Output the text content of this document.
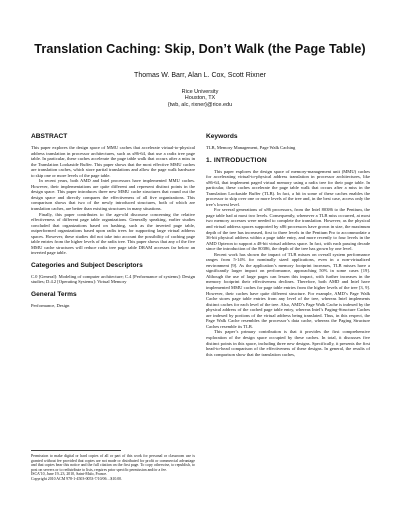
Translation Caching: Skip, Don’t Walk (the Page Table)
Thomas W. Barr, Alan L. Cox, Scott Rixner
Rice University
Houston, TX
{twb, alc, rixner}@rice.edu
ABSTRACT

This paper explores the design space of MMU caches that accelerate virtual-to-physical address translation in processor architectures, such as x86-64, that use a radix tree page table. In particular, these caches accelerate the page table walk that occurs after a miss in the Translation Lookaside Buffer. This paper shows that the most effective MMU caches are translation caches, which store partial translations and allow the page walk hardware to skip one or more levels of the page table.

In recent years, both AMD and Intel processors have implemented MMU caches. However, their implementations are quite different and represent distinct points in the design space. This paper introduces three new MMU cache structures that round out the design space and directly compares the effectiveness of all five organizations. This comparison shows that two of the newly introduced structures, both of which are translation caches, are better than existing structures in many situations.

Finally, this paper contributes to the age-old discourse concerning the relative effectiveness of different page table organizations. Generally speaking, earlier studies concluded that organizations based on hashing, such as the inverted page table, outperformed organizations based upon radix trees for supporting large virtual address spaces. However, these studies did not take into account the possibility of caching page table entries from the higher levels of the radix tree. This paper shows that any of the five MMU cache structures will reduce radix tree page table DRAM accesses far below an inverted page table.

Categories and Subject Descriptors

C.0 [General]: Modeling of computer architecture; C.4 [Performance of systems]: Design studies; D.4.2 [Operating Systems]: Virtual Memory

General Terms

Performance, Design

Permission to make digital or hard copies of all or part of this work for personal or classroom use is granted without fee provided that copies are not made or distributed for profit or commercial advantage and that copies bear this notice and the full citation on the first page. To copy otherwise, to republish, to post on servers or to redistribute to lists, requires prior specific permission and/or a fee.
ISCA’10, June 19–23, 2010, Saint-Malo, France.
Copyright 2010 ACM 978-1-4503-0053-7/10/06 ...$10.00.
Keywords

TLB, Memory Management, Page Walk Caching

1. INTRODUCTION

This paper explores the design space of memory-management unit (MMU) caches for accelerating virtual-to-physical address translation in processor architectures, like x86-64, that implement paged virtual memory using a radix tree for their page table. In particular, these caches accelerate the page table walk that occurs after a miss in the Translation Lookaside Buffer (TLB). In fact, a hit in some of these caches enables the processor to skip over one or more levels of the tree and, in the best case, access only the tree’s lowest level.

For several generations of x86 processors, from the Intel 80386 to the Pentium, the page table had at most two levels. Consequently, whenever a TLB miss occurred, at most two memory accesses were needed to complete the translation. However, as the physical and virtual address spaces supported by x86 processors have grown in size, the maximum depth of the tree has increased, first to three levels in the Pentium Pro to accommodate a 36-bit physical address within a page table entry, and more recently to four levels in the AMD Opteron to support a 48-bit virtual address space. In fact, with each passing decade since the introduction of the 80386, the depth of the tree has grown by one level.

Recent work has shown the impact of TLB misses on overall system performance ranges from 5-14% for nominally sized applications, even in a non-virtualized environment [9]. As the application’s memory footprint increases, TLB misses have a significantly larger impact on performance, approaching 50% in some cases [19]. Although the use of large pages can lessen this impact, with further increases in the memory footprint their effectiveness declines. Therefore, both AMD and Intel have implemented MMU caches for page table entries from the higher levels of the tree [3, 9]. However, their caches have quite different structure. For example, AMD’s Page Walk Cache stores page table entries from any level of the tree, whereas Intel implements distinct caches for each level of the tree. Also, AMD’s Page Walk Cache is indexed by the physical address of the cached page table entry, whereas Intel’s Paging-Structure Caches are indexed by portions of the virtual address being translated. Thus, in this respect, the Page Walk Cache resembles the processor’s data cache, whereas the Paging Structure Caches resemble its TLB.

This paper’s primary contribution is that it provides the first comprehensive exploration of the design space occupied by these caches. In total, it discusses five distinct points in this space, including three new designs. Specifically, it presents the first head-to-head comparison of the effectiveness of these designs. In general, the results of this comparison show that the translation caches,
